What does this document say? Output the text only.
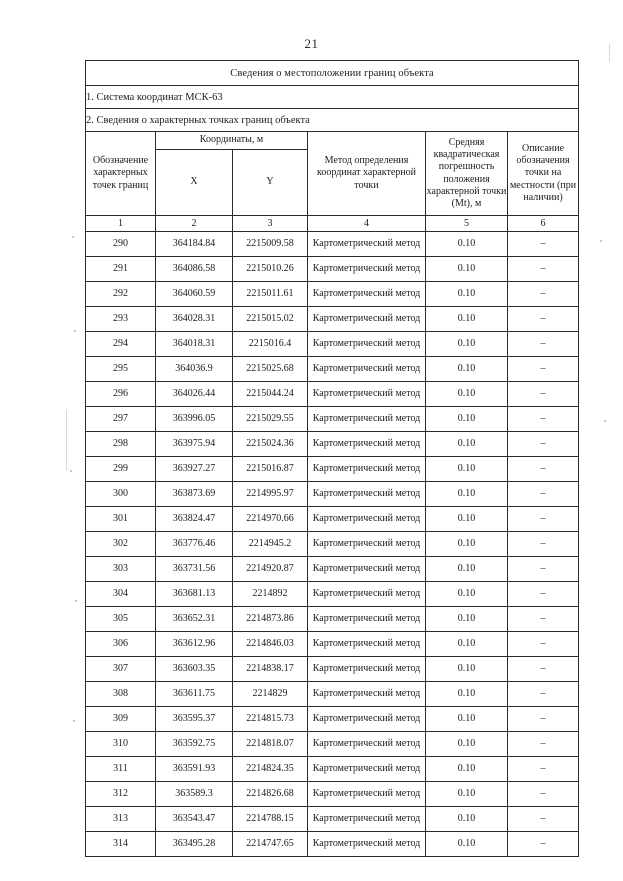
21
Сведения о местоположении границ объекта					
1. Система координат МСК-63					
2. Сведения о характерных точках границ объекта					
Обозначение характерных точек границ	Координаты, м		Метод определения координат характерной точки	Средняя квадратическая погрешность положения характерной точки (Mt), м	Описание обозначения точки на местности (при наличии)
	X	Y			
1	2	3	4	5	6
290	364184.84	2215009.58	Картометрический метод	0.10	–
291	364086.58	2215010.26	Картометрический метод	0.10	–
292	364060.59	2215011.61	Картометрический метод	0.10	–
293	364028.31	2215015.02	Картометрический метод	0.10	–
294	364018.31	2215016.4	Картометрический метод	0.10	–
295	364036.9	2215025.68	Картометрический метод	0.10	–
296	364026.44	2215044.24	Картометрический метод	0.10	–
297	363996.05	2215029.55	Картометрический метод	0.10	–
298	363975.94	2215024.36	Картометрический метод	0.10	–
299	363927.27	2215016.87	Картометрический метод	0.10	–
300	363873.69	2214995.97	Картометрический метод	0.10	–
301	363824.47	2214970.66	Картометрический метод	0.10	–
302	363776.46	2214945.2	Картометрический метод	0.10	–
303	363731.56	2214920.87	Картометрический метод	0.10	–
304	363681.13	2214892	Картометрический метод	0.10	–
305	363652.31	2214873.86	Картометрический метод	0.10	–
306	363612.96	2214846.03	Картометрический метод	0.10	–
307	363603.35	2214838.17	Картометрический метод	0.10	–
308	363611.75	2214829	Картометрический метод	0.10	–
309	363595.37	2214815.73	Картометрический метод	0.10	–
310	363592.75	2214818.07	Картометрический метод	0.10	–
311	363591.93	2214824.35	Картометрический метод	0.10	–
312	363589.3	2214826.68	Картометрический метод	0.10	–
313	363543.47	2214788.15	Картометрический метод	0.10	–
314	363495.28	2214747.65	Картометрический метод	0.10	–
